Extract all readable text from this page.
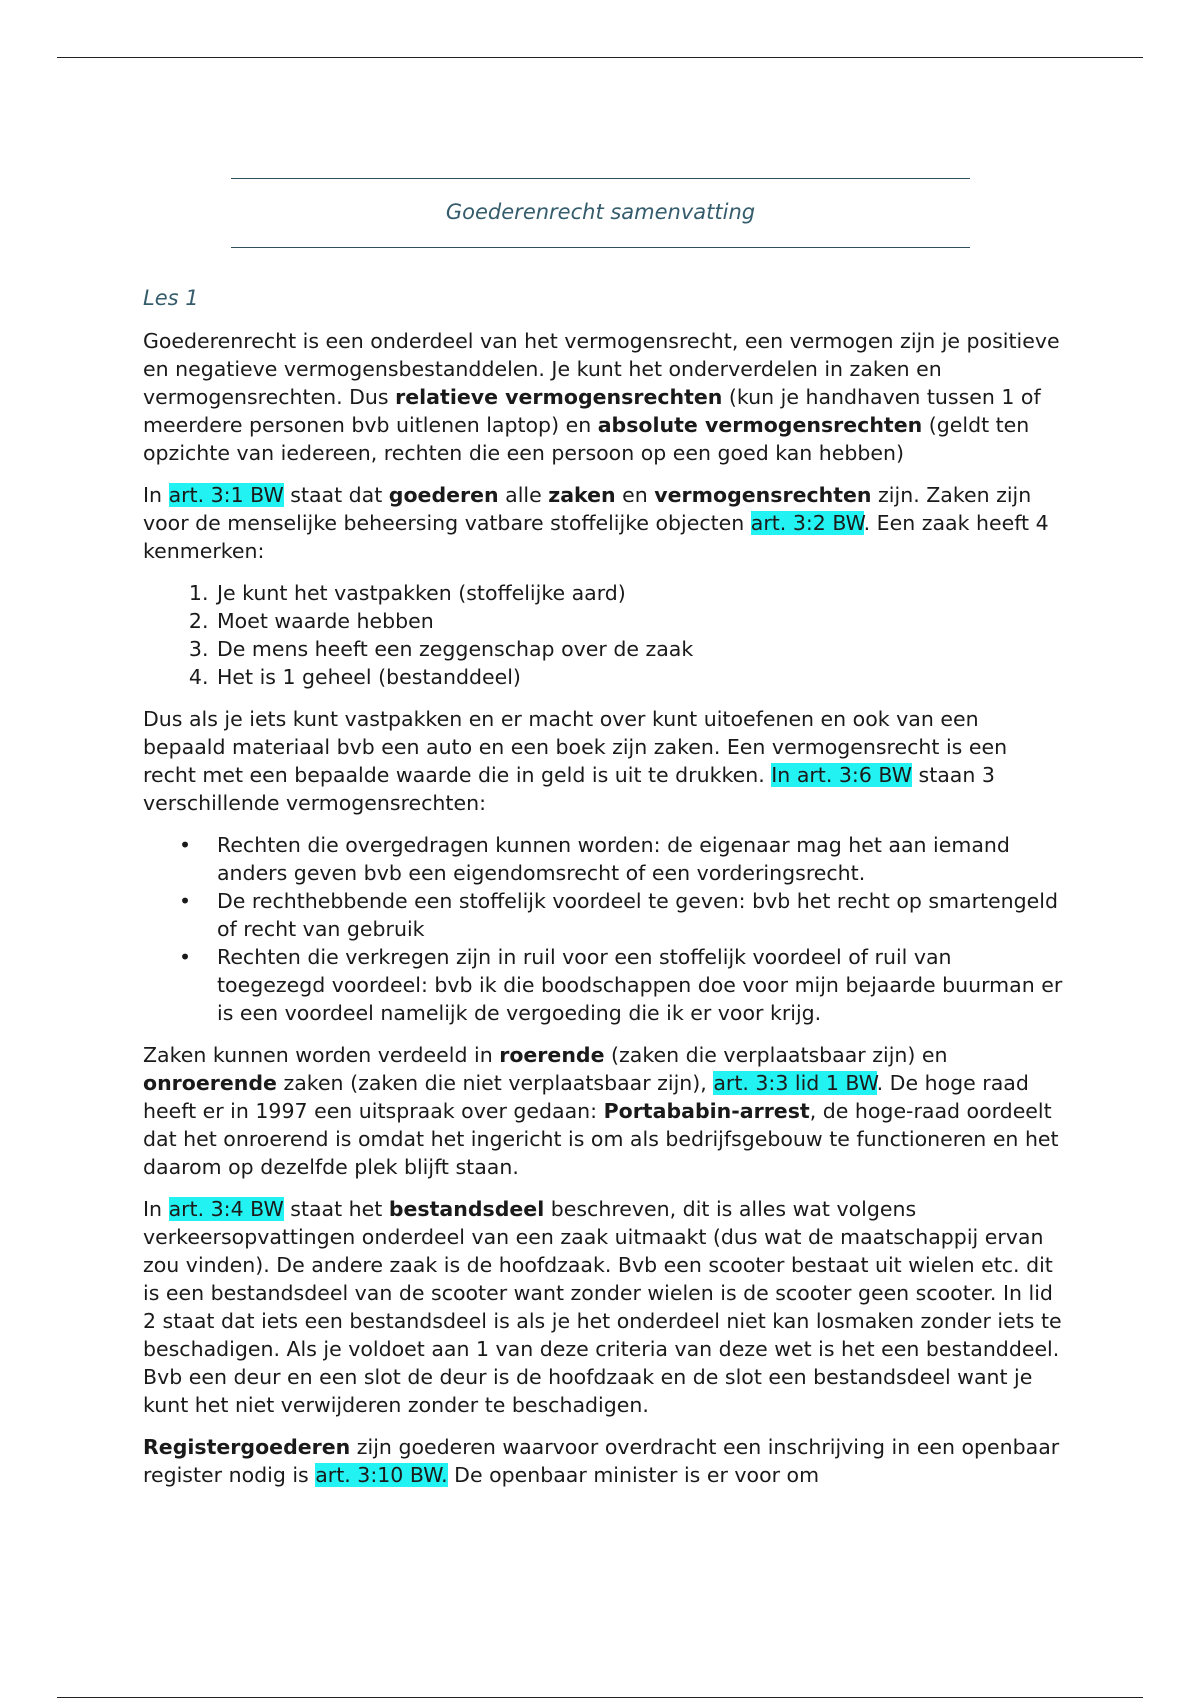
Goederenrecht samenvatting
Les 1

Goederenrecht is een onderdeel van het vermogensrecht, een vermogen zijn je positieve en negatieve vermogensbestanddelen. Je kunt het onderverdelen in zaken en vermogensrechten. Dus relatieve vermogensrechten (kun je handhaven tussen 1 of meerdere personen bvb uitlenen laptop) en absolute vermogensrechten (geldt ten opzichte van iedereen, rechten die een persoon op een goed kan hebben)

In art. 3:1 BW staat dat goederen alle zaken en vermogensrechten zijn. Zaken zijn voor de menselijke beheersing vatbare stoffelijke objecten art. 3:2 BW. Een zaak heeft 4 kenmerken:

1. Je kunt het vastpakken (stoffelijke aard)
2. Moet waarde hebben
3. De mens heeft een zeggenschap over de zaak
4. Het is 1 geheel (bestanddeel)

Dus als je iets kunt vastpakken en er macht over kunt uitoefenen en ook van een bepaald materiaal bvb een auto en een boek zijn zaken. Een vermogensrecht is een recht met een bepaalde waarde die in geld is uit te drukken. In art. 3:6 BW staan 3 verschillende vermogensrechten:

• Rechten die overgedragen kunnen worden: de eigenaar mag het aan iemand anders geven bvb een eigendomsrecht of een vorderingsrecht.
• De rechthebbende een stoffelijk voordeel te geven: bvb het recht op smartengeld of recht van gebruik
• Rechten die verkregen zijn in ruil voor een stoffelijk voordeel of ruil van toegezegd voordeel: bvb ik die boodschappen doe voor mijn bejaarde buurman er is een voordeel namelijk de vergoeding die ik er voor krijg.

Zaken kunnen worden verdeeld in roerende (zaken die verplaatsbaar zijn) en onroerende zaken (zaken die niet verplaatsbaar zijn), art. 3:3 lid 1 BW. De hoge raad heeft er in 1997 een uitspraak over gedaan: Portababin-arrest, de hoge-raad oordeelt dat het onroerend is omdat het ingericht is om als bedrijfsgebouw te functioneren en het daarom op dezelfde plek blijft staan.

In art. 3:4 BW staat het bestandsdeel beschreven, dit is alles wat volgens verkeersopvattingen onderdeel van een zaak uitmaakt (dus wat de maatschappij ervan zou vinden). De andere zaak is de hoofdzaak. Bvb een scooter bestaat uit wielen etc. dit is een bestandsdeel van de scooter want zonder wielen is de scooter geen scooter. In lid 2 staat dat iets een bestandsdeel is als je het onderdeel niet kan losmaken zonder iets te beschadigen. Als je voldoet aan 1 van deze criteria van deze wet is het een bestanddeel. Bvb een deur en een slot de deur is de hoofdzaak en de slot een bestandsdeel want je kunt het niet verwijderen zonder te beschadigen.

Registergoederen zijn goederen waarvoor overdracht een inschrijving in een openbaar register nodig is art. 3:10 BW. De openbaar minister is er voor om
